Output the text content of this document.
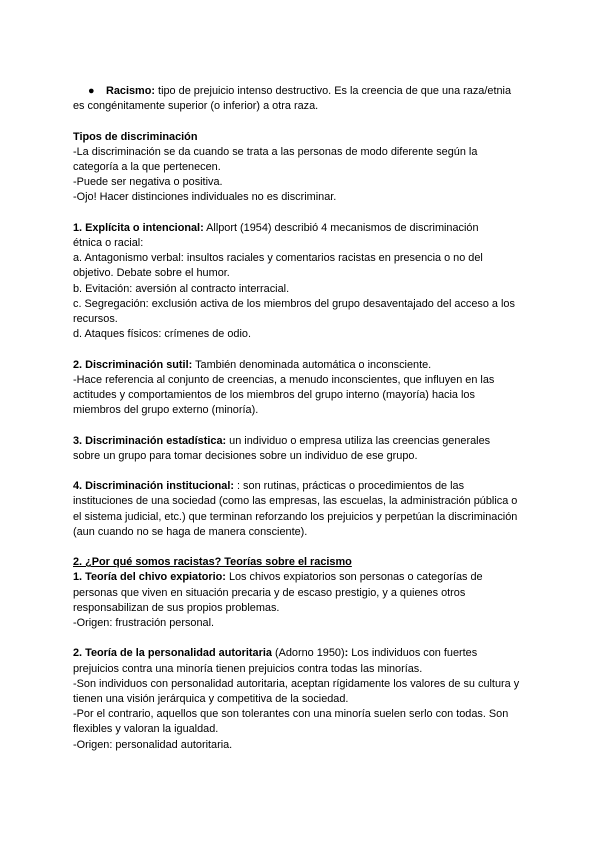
● Racismo: tipo de prejuicio intenso destructivo. Es la creencia de que una raza/etnia
es congénitamente superior (o inferior) a otra raza.
Tipos de discriminación
-La discriminación se da cuando se trata a las personas de modo diferente según la
categoría a la que pertenecen.
-Puede ser negativa o positiva.
-Ojo! Hacer distinciones individuales no es discriminar.
1. Explícita o intencional: Allport (1954) describió 4 mecanismos de discriminación
étnica o racial:
a. Antagonismo verbal: insultos raciales y comentarios racistas en presencia o no del
objetivo. Debate sobre el humor.
b. Evitación: aversión al contracto interracial.
c. Segregación: exclusión activa de los miembros del grupo desaventajado del acceso a los
recursos.
d. Ataques físicos: crímenes de odio.
2. Discriminación sutil: También denominada automática o inconsciente.
-Hace referencia al conjunto de creencias, a menudo inconscientes, que influyen en las
actitudes y comportamientos de los miembros del grupo interno (mayoría) hacia los
miembros del grupo externo (minoría).
3. Discriminación estadística: un individuo o empresa utiliza las creencias generales
sobre un grupo para tomar decisiones sobre un individuo de ese grupo.
4. Discriminación institucional: : son rutinas, prácticas o procedimientos de las
instituciones de una sociedad (como las empresas, las escuelas, la administración pública o
el sistema judicial, etc.) que terminan reforzando los prejuicios y perpetúan la discriminación
(aun cuando no se haga de manera consciente).
2. ¿Por qué somos racistas? Teorías sobre el racismo
1. Teoría del chivo expiatorio: Los chivos expiatorios son personas o categorías de
personas que viven en situación precaria y de escaso prestigio, y a quienes otros
responsabilizan de sus propios problemas.
-Origen: frustración personal.
2. Teoría de la personalidad autoritaria (Adorno 1950): Los individuos con fuertes
prejuicios contra una minoría tienen prejuicios contra todas las minorías.
-Son individuos con personalidad autoritaria, aceptan rígidamente los valores de su cultura y
tienen una visión jerárquica y competitiva de la sociedad.
-Por el contrario, aquellos que son tolerantes con una minoría suelen serlo con todas. Son
flexibles y valoran la igualdad.
-Origen: personalidad autoritaria.
